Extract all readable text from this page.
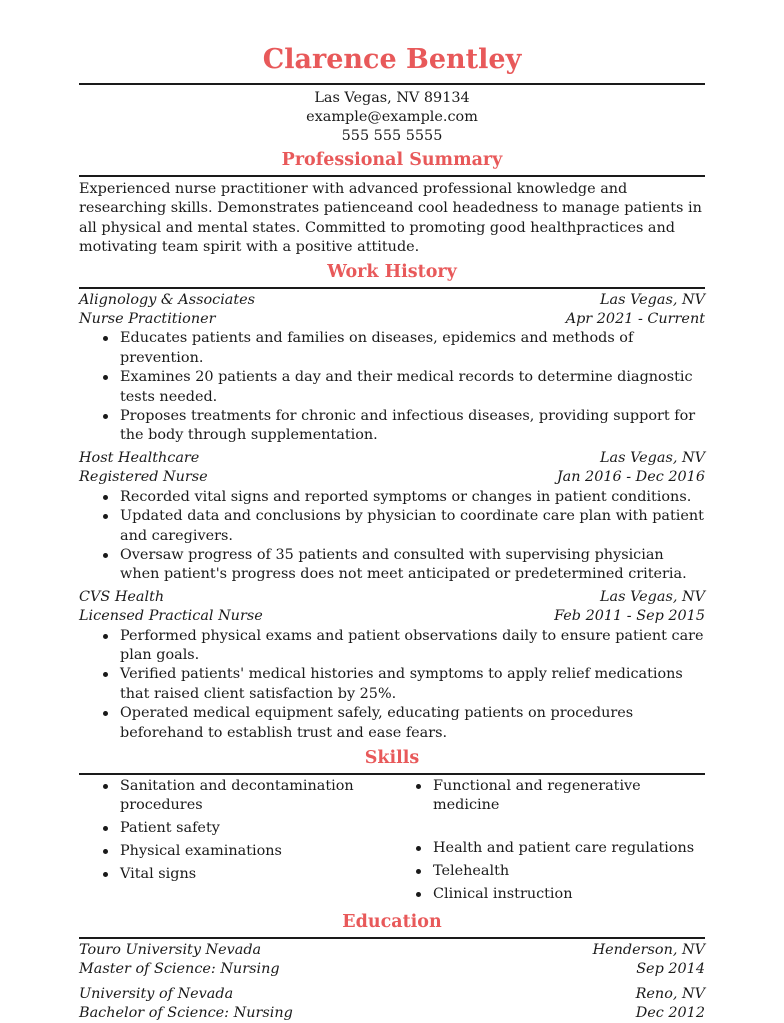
Clarence Bentley
Las Vegas, NV 89134
example@example.com
555 555 5555
Professional Summary
Experienced nurse practitioner with advanced professional knowledge and researching skills. Demonstrates patienceand cool headedness to manage patients in all physical and mental states. Committed to promoting good healthpractices and motivating team spirit with a positive attitude.
Work History
Alignology & Associates	Las Vegas, NV
Nurse Practitioner	Apr 2021 - Current
Educates patients and families on diseases, epidemics and methods of prevention.
Examines 20 patients a day and their medical records to determine diagnostic tests needed.
Proposes treatments for chronic and infectious diseases, providing support for the body through supplementation.
Host Healthcare	Las Vegas, NV
Registered Nurse	Jan 2016 - Dec 2016
Recorded vital signs and reported symptoms or changes in patient conditions.
Updated data and conclusions by physician to coordinate care plan with patient and caregivers.
Oversaw progress of 35 patients and consulted with supervising physician when patient's progress does not meet anticipated or predetermined criteria.
CVS Health	Las Vegas, NV
Licensed Practical Nurse	Feb 2011 - Sep 2015
Performed physical exams and patient observations daily to ensure patient care plan goals.
Verified patients' medical histories and symptoms to apply relief medications that raised client satisfaction by 25%.
Operated medical equipment safely, educating patients on procedures beforehand to establish trust and ease fears.
Skills
Sanitation and decontamination procedures
Patient safety
Physical examinations
Vital signs
Functional and regenerative medicine
Health and patient care regulations
Telehealth
Clinical instruction
Education
Touro University Nevada	Henderson, NV
Master of Science: Nursing	Sep 2014
University of Nevada	Reno, NV
Bachelor of Science: Nursing	Dec 2012
